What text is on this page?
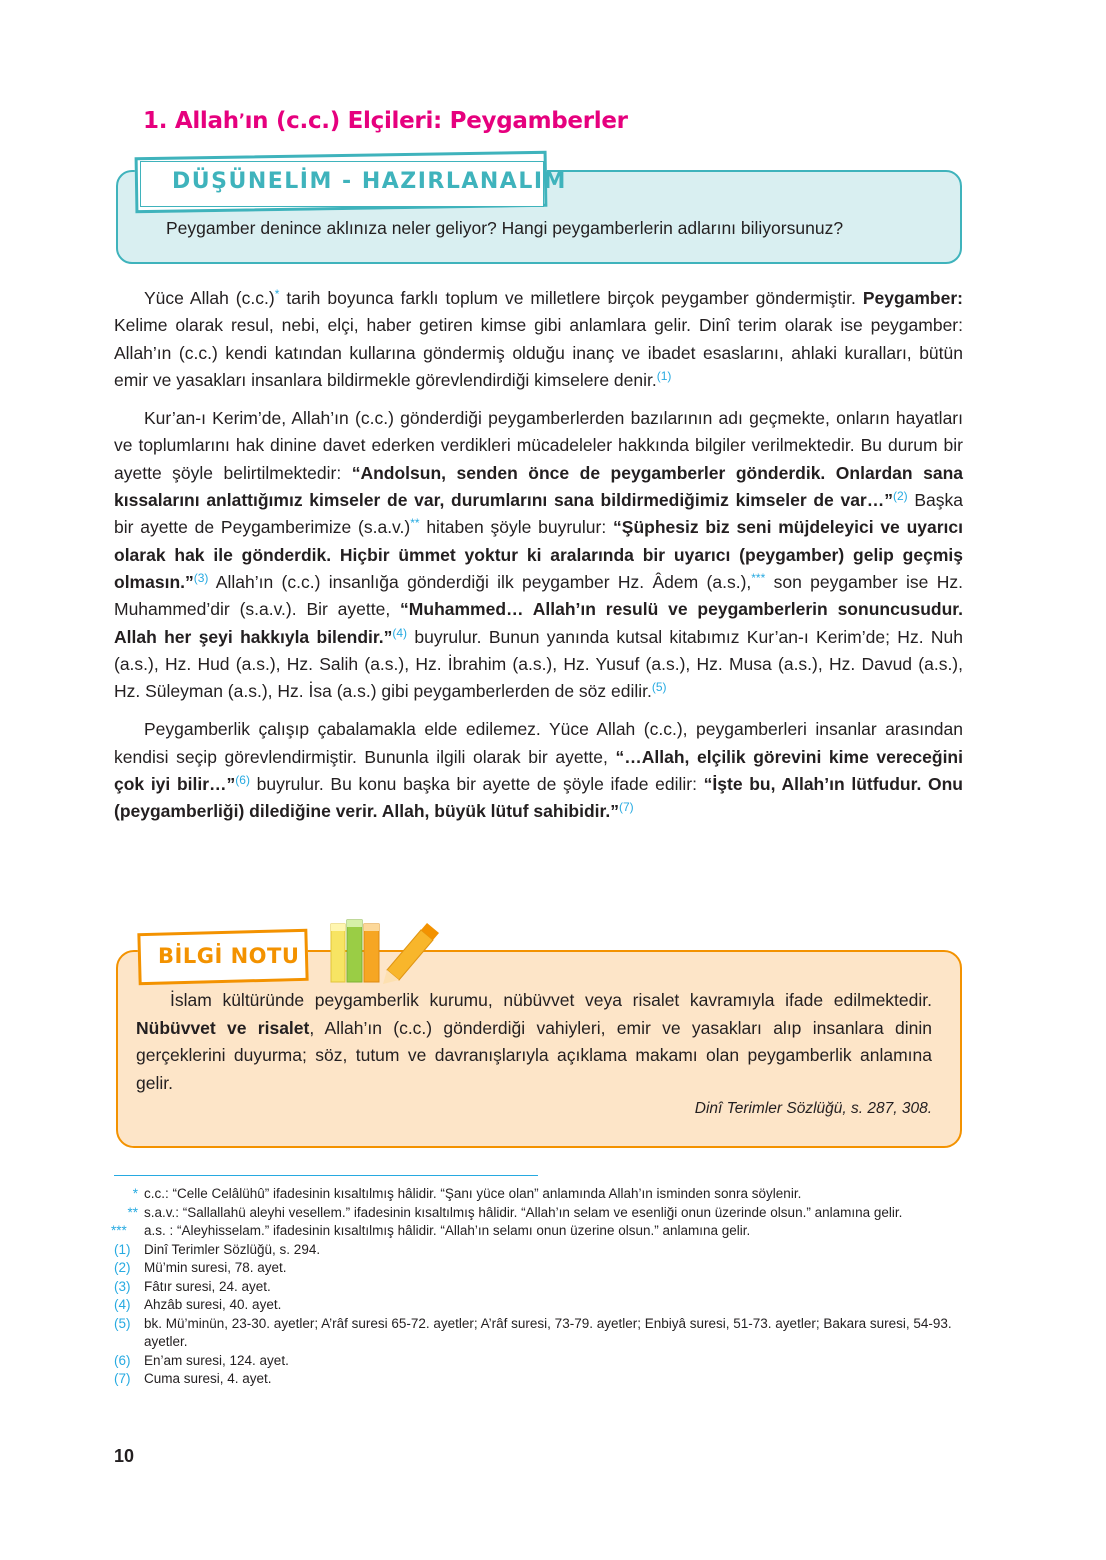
1. Allah’ın (c.c.) Elçileri: Peygamberler

DÜŞÜNELİM - HAZIRLANALIM

Peygamber denince aklınıza neler geliyor? Hangi peygamberlerin adlarını biliyorsunuz?

Yüce Allah (c.c.)* tarih boyunca farklı toplum ve milletlere birçok peygamber göndermiştir. Peygamber: Kelime olarak resul, nebi, elçi, haber getiren kimse gibi anlamlara gelir. Dinî terim olarak ise peygamber: Allah’ın (c.c.) kendi katından kullarına göndermiş olduğu inanç ve ibadet esaslarını, ahlaki kuralları, bütün emir ve yasakları insanlara bildirmekle görevlendirdiği kimselere denir.$^{(1)}$

Kur’an-ı Kerim’de, Allah’ın (c.c.) gönderdiği peygamberlerden bazılarının adı geçmekte, onların hayatları ve toplumlarını hak dinine davet ederken verdikleri mücadeleler hakkında bilgiler verilmektedir. Bu durum bir ayette şöyle belirtilmektedir: “Andolsun, senden önce de peygamberler gönderdik. Onlardan sana kıssalarını anlattığımız kimseler de var, durumlarını sana bildirmediğimiz kimseler de var…”$^{(2)}$ Başka bir ayette de Peygamberimize (s.a.v.)** hitaben şöyle buyrulur: “Şüphesiz biz seni müjdeleyici ve uyarıcı olarak hak ile gönderdik. Hiçbir ümmet yoktur ki aralarında bir uyarıcı (peygamber) gelip geçmiş olmasın.”$^{(3)}$ Allah’ın (c.c.) insanlığa gönderdiği ilk peygamber Hz. Âdem (a.s.),*** son peygamber ise Hz. Muhammed’dir (s.a.v.). Bir ayette, “Muhammed… Allah’ın resulü ve peygamberlerin sonuncusudur. Allah her şeyi hakkıyla bilendir.”$^{(4)}$ buyrulur. Bunun yanında kutsal kitabımız Kur’an-ı Kerim’de; Hz. Nuh (a.s.), Hz. Hud (a.s.), Hz. Salih (a.s.), Hz. İbrahim (a.s.), Hz. Yusuf (a.s.), Hz. Musa (a.s.), Hz. Davud (a.s.), Hz. Süleyman (a.s.), Hz. İsa (a.s.) gibi peygamberlerden de söz edilir.$^{(5)}$

Peygamberlik çalışıp çabalamakla elde edilemez. Yüce Allah (c.c.), peygamberleri insanlar arasından kendisi seçip görevlendirmiştir. Bununla ilgili olarak bir ayette, “…Allah, elçilik görevini kime vereceğini çok iyi bilir…”$^{(6)}$ buyrulur. Bu konu başka bir ayette de şöyle ifade edilir: “İşte bu, Allah’ın lütfudur. Onu (peygamberliği) dilediğine verir. Allah, büyük lütuf sahibidir.”$^{(7)}$

BİLGİ NOTU

İslam kültüründe peygamberlik kurumu, nübüvvet veya risalet kavramıyla ifade edilmektedir. Nübüvvet ve risalet, Allah’ın (c.c.) gönderdiği vahiyleri, emir ve yasakları alıp insanlara dinin gerçeklerini duyurma; söz, tutum ve davranışlarıyla açıklama makamı olan peygamberlik anlamına gelir.

Dinî Terimler Sözlüğü, s. 287, 308.

* c.c.: “Celle Celâlühû” ifadesinin kısaltılmış hâlidir. “Şanı yüce olan” anlamında Allah’ın isminden sonra söylenir.
** s.a.v.: “Sallallahü aleyhi vesellem.” ifadesinin kısaltılmış hâlidir. “Allah’ın selam ve esenliği onun üzerinde olsun.” anlamına gelir.
***	a.s. : “Aleyhisselam.” ifadesinin kısaltılmış hâlidir. “Allah’ın selamı onun üzerine olsun.” anlamına gelir.
(1)	Dinî Terimler Sözlüğü, s. 294.
(2)	Mü’min suresi, 78. ayet.
(3)	Fâtır suresi, 24. ayet.
(4)	Ahzâb suresi, 40. ayet.
(5)	bk. Mü’minün, 23-30. ayetler; A’râf suresi 65-72. ayetler; A’râf suresi, 73-79. ayetler; Enbiyâ suresi, 51-73. ayetler; Bakara suresi, 54-93. ayetler.
(6)	En’am suresi, 124. ayet.
(7)	Cuma suresi, 4. ayet.

10
